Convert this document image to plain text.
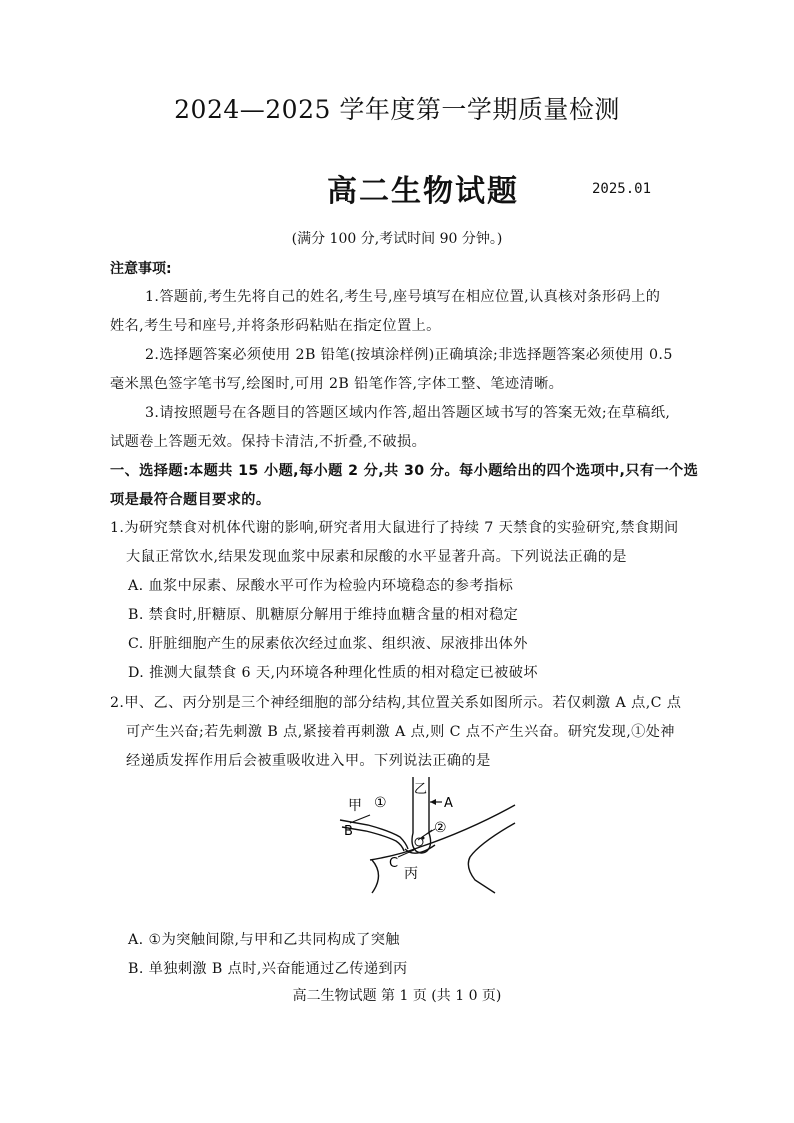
2024—2025 学年度第一学期质量检测
高二生物试题	2025.01
(满分 100 分,考试时间 90 分钟。)
注意事项:
1.答题前,考生先将自己的姓名,考生号,座号填写在相应位置,认真核对条形码上的
姓名,考生号和座号,并将条形码粘贴在指定位置上。
2.选择题答案必须使用 2B 铅笔(按填涂样例)正确填涂;非选择题答案必须使用 0.5
毫米黑色签字笔书写,绘图时,可用 2B 铅笔作答,字体工整、笔迹清晰。
3.请按照题号在各题目的答题区域内作答,超出答题区域书写的答案无效;在草稿纸,
试题卷上答题无效。保持卡清洁,不折叠,不破损。
一、选择题:本题共 15 小题,每小题 2 分,共 30 分。每小题给出的四个选项中,只有一个选
项是最符合题目要求的。
1.为研究禁食对机体代谢的影响,研究者用大鼠进行了持续 7 天禁食的实验研究,禁食期间
大鼠正常饮水,结果发现血浆中尿素和尿酸的水平显著升高。下列说法正确的是
A. 血浆中尿素、尿酸水平可作为检验内环境稳态的参考指标
B. 禁食时,肝糖原、肌糖原分解用于维持血糖含量的相对稳定
C. 肝脏细胞产生的尿素依次经过血浆、组织液、尿液排出体外
D. 推测大鼠禁食 6 天,内环境各种理化性质的相对稳定已被破坏
2.甲、乙、丙分别是三个神经细胞的部分结构,其位置关系如图所示。若仅刺激 A 点,C 点
可产生兴奋;若先刺激 B 点,紧接着再刺激 A 点,则 C 点不产生兴奋。研究发现,①处神
经递质发挥作用后会被重吸收进入甲。下列说法正确的是
甲
乙
A
B
①
②
C
丙
A. ①为突触间隙,与甲和乙共同构成了突触
B. 单独刺激 B 点时,兴奋能通过乙传递到丙
高二生物试题 第 1 页 (共 1 0 页)
